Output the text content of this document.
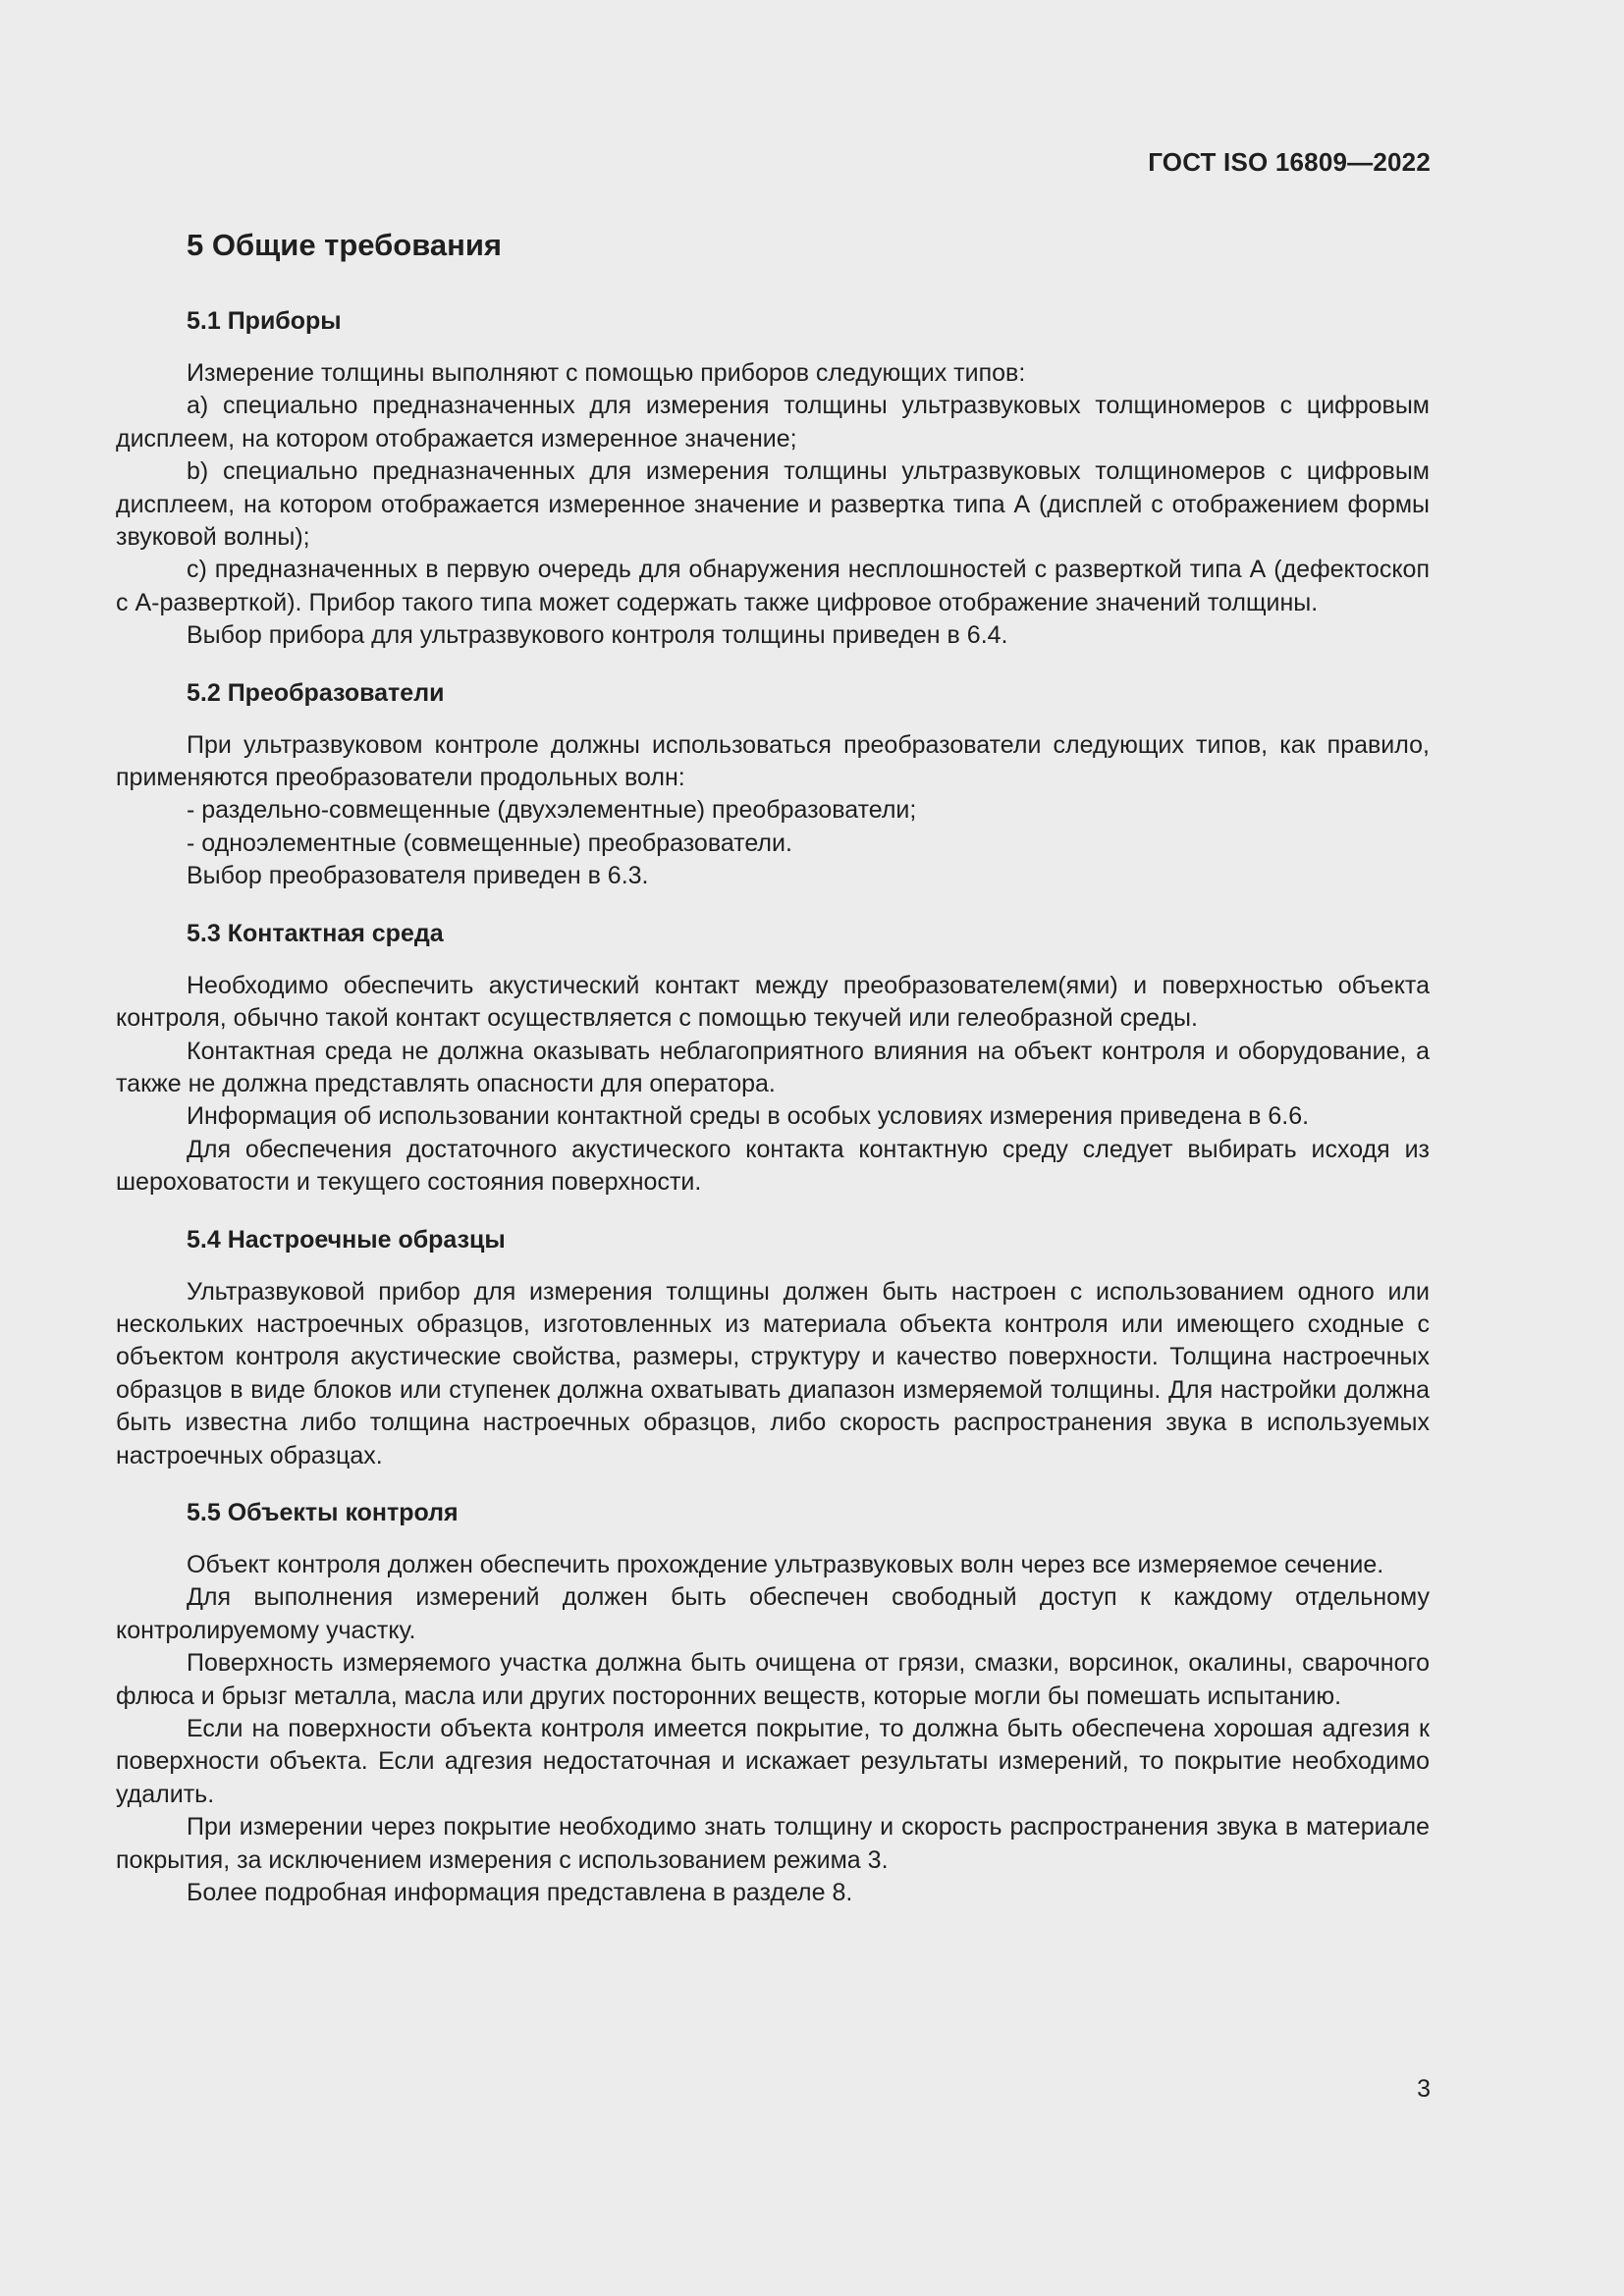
ГОСТ ISO 16809—2022
5 Общие требования
5.1 Приборы

Измерение толщины выполняют с помощью приборов следующих типов:

a) специально предназначенных для измерения толщины ультразвуковых толщиномеров с цифровым дисплеем, на котором отображается измеренное значение;

b) специально предназначенных для измерения толщины ультразвуковых толщиномеров с цифровым дисплеем, на котором отображается измеренное значение и развертка типа А (дисплей с отображением формы звуковой волны);

c) предназначенных в первую очередь для обнаружения несплошностей с разверткой типа А (дефектоскоп с А-разверткой). Прибор такого типа может содержать также цифровое отображение значений толщины.

Выбор прибора для ультразвукового контроля толщины приведен в 6.4.

5.2 Преобразователи

При ультразвуковом контроле должны использоваться преобразователи следующих типов, как правило, применяются преобразователи продольных волн:

- раздельно-совмещенные (двухэлементные) преобразователи;

- одноэлементные (совмещенные) преобразователи.

Выбор преобразователя приведен в 6.3.

5.3 Контактная среда

Необходимо обеспечить акустический контакт между преобразователем(ями) и поверхностью объекта контроля, обычно такой контакт осуществляется с помощью текучей или гелеобразной среды.

Контактная среда не должна оказывать неблагоприятного влияния на объект контроля и оборудование, а также не должна представлять опасности для оператора.

Информация об использовании контактной среды в особых условиях измерения приведена в 6.6.

Для обеспечения достаточного акустического контакта контактную среду следует выбирать исходя из шероховатости и текущего состояния поверхности.

5.4 Настроечные образцы

Ультразвуковой прибор для измерения толщины должен быть настроен с использованием одного или нескольких настроечных образцов, изготовленных из материала объекта контроля или имеющего сходные с объектом контроля акустические свойства, размеры, структуру и качество поверхности. Толщина настроечных образцов в виде блоков или ступенек должна охватывать диапазон измеряемой толщины. Для настройки должна быть известна либо толщина настроечных образцов, либо скорость распространения звука в используемых настроечных образцах.

5.5 Объекты контроля

Объект контроля должен обеспечить прохождение ультразвуковых волн через все измеряемое сечение.

Для выполнения измерений должен быть обеспечен свободный доступ к каждому отдельному контролируемому участку.

Поверхность измеряемого участка должна быть очищена от грязи, смазки, ворсинок, окалины, сварочного флюса и брызг металла, масла или других посторонних веществ, которые могли бы помешать испытанию.

Если на поверхности объекта контроля имеется покрытие, то должна быть обеспечена хорошая адгезия к поверхности объекта. Если адгезия недостаточная и искажает результаты измерений, то покрытие необходимо удалить.

При измерении через покрытие необходимо знать толщину и скорость распространения звука в материале покрытия, за исключением измерения с использованием режима 3.

Более подробная информация представлена в разделе 8.

3
